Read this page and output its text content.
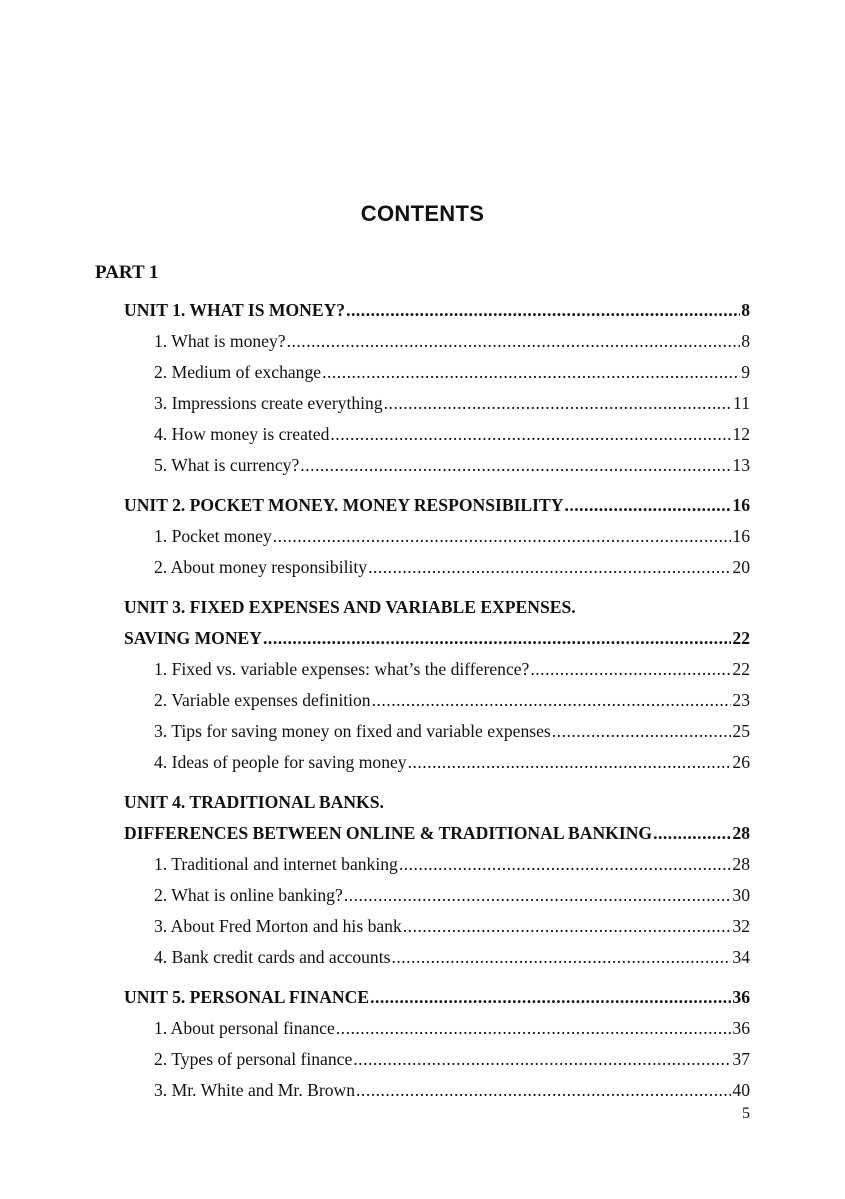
CONTENTS
PART 1
UNIT 1. WHAT IS MONEY? .....	8
1. What is money? .....	8
2. Medium of exchange .....	9
3. Impressions create everything .....	11
4. How money is created .....	12
5. What is currency? .....	13
UNIT 2. POCKET MONEY. MONEY RESPONSIBILITY .....	16
1. Pocket money .....	16
2. About money responsibility .....	20
UNIT 3. FIXED EXPENSES AND VARIABLE EXPENSES.
SAVING MONEY .....	22
1. Fixed vs. variable expenses: what’s the difference? .....	22
2. Variable expenses definition .....	23
3. Tips for saving money on fixed and variable expenses .....	25
4. Ideas of people for saving money .....	26
UNIT 4. TRADITIONAL BANKS.
DIFFERENCES BETWEEN ONLINE & TRADITIONAL BANKING .....	28
1. Traditional and internet banking .....	28
2. What is online banking? .....	30
3. About Fred Morton and his bank .....	32
4. Bank credit cards and accounts .....	34
UNIT 5. PERSONAL FINANCE .....	36
1. About personal finance .....	36
2. Types of personal finance .....	37
3. Mr. White and Mr. Brown .....	40
5
